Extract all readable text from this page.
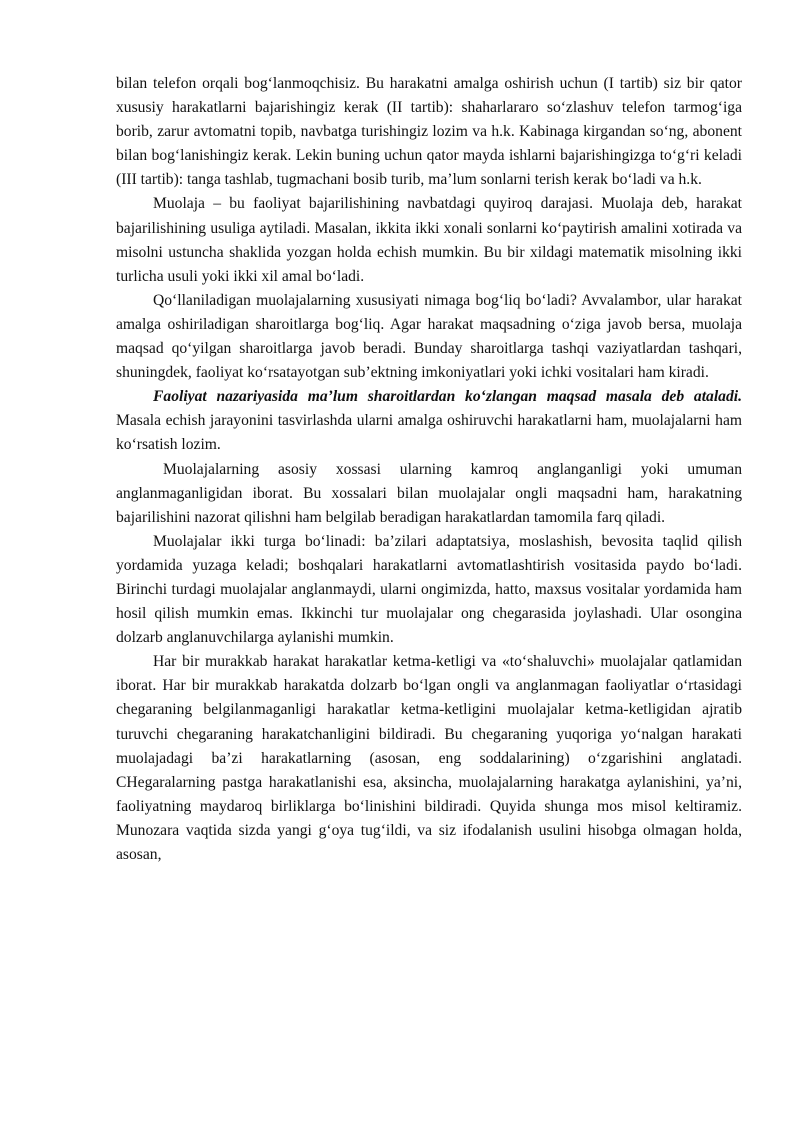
bilan telefon orqali bog‘lanmoqchisiz. Bu harakatni amalga oshirish uchun (I tartib) siz bir qator xususiy harakatlarni bajarishingiz kerak (II tartib): shaharlararo so‘zlashuv telefon tarmog‘iga borib, zarur avtomatni topib, navbatga turishingiz lozim va h.k. Kabinaga kirgandan so‘ng, abonent bilan bog‘lanishingiz kerak. Lekin buning uchun qator mayda ishlarni bajarishingizga to‘g‘ri keladi (III tartib): tanga tashlab, tugmachani bosib turib, ma’lum sonlarni terish kerak bo‘ladi va h.k.

Muolaja – bu faoliyat bajarilishining navbatdagi quyiroq darajasi. Muolaja deb, harakat bajarilishining usuliga aytiladi. Masalan, ikkita ikki xonali sonlarni ko‘paytirish amalini xotirada va misolni ustuncha shaklida yozgan holda echish mumkin. Bu bir xildagi matematik misolning ikki turlicha usuli yoki ikki xil amal bo‘ladi.

Qo‘llaniladigan muolajalarning xususiyati nimaga bog‘liq bo‘ladi? Avvalambor, ular harakat amalga oshiriladigan sharoitlarga bog‘liq. Agar harakat maqsadning o‘ziga javob bersa, muolaja maqsad qo‘yilgan sharoitlarga javob beradi. Bunday sharoitlarga tashqi vaziyatlardan tashqari, shuningdek, faoliyat ko‘rsatayotgan sub’ektning imkoniyatlari yoki ichki vositalari ham kiradi.

Faoliyat nazariyasida ma’lum sharoitlardan ko‘zlangan maqsad masala deb ataladi. Masala echish jarayonini tasvirlashda ularni amalga oshiruvchi harakatlarni ham, muolajalarni ham ko‘rsatish lozim.

Muolajalarning asosiy xossasi ularning kamroq anglanganligi yoki umuman anglanmaganligidan iborat. Bu xossalari bilan muolajalar ongli maqsadni ham, harakatning bajarilishini nazorat qilishni ham belgilab beradigan harakatlardan tamomila farq qiladi.

Muolajalar ikki turga bo‘linadi: ba’zilari adaptatsiya, moslashish, bevosita taqlid qilish yordamida yuzaga keladi; boshqalari harakatlarni avtomatlashtirish vositasida paydo bo‘ladi. Birinchi turdagi muolajalar anglanmaydi, ularni ongimizda, hatto, maxsus vositalar yordamida ham hosil qilish mumkin emas. Ikkinchi tur muolajalar ong chegarasida joylashadi. Ular osongina dolzarb anglanuvchilarga aylanishi mumkin.

Har bir murakkab harakat harakatlar ketma-ketligi va «to‘shaluvchi» muolajalar qatlamidan iborat. Har bir murakkab harakatda dolzarb bo‘lgan ongli va anglanmagan faoliyatlar o‘rtasidagi chegaraning belgilanmaganligi harakatlar ketma-ketligini muolajalar ketma-ketligidan ajratib turuvchi chegaraning harakatchanligini bildiradi. Bu chegaraning yuqoriga yo‘nalgan harakati muolajadagi ba’zi harakatlarning (asosan, eng soddalarining) o‘zgarishini anglatadi. CHegaralarning pastga harakatlanishi esa, aksincha, muolajalarning harakatga aylanishini, ya’ni, faoliyatning maydaroq birliklarga bo‘linishini bildiradi. Quyida shunga mos misol keltiramiz. Munozara vaqtida sizda yangi g‘oya tug‘ildi, va siz ifodalanish usulini hisobga olmagan holda, asosan,
